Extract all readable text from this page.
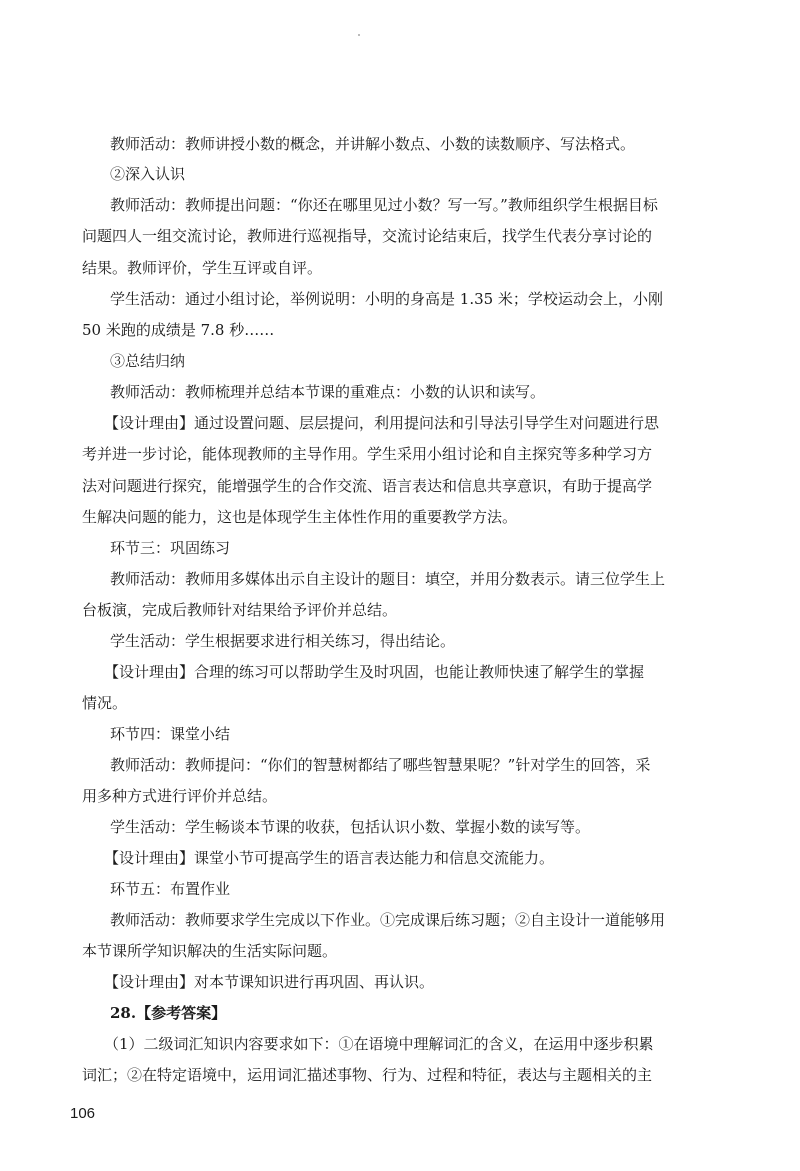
教师活动：教师讲授小数的概念，并讲解小数点、小数的读数顺序、写法格式。
②深入认识
教师活动：教师提出问题：“你还在哪里见过小数？写一写。”教师组织学生根据目标
问题四人一组交流讨论，教师进行巡视指导，交流讨论结束后，找学生代表分享讨论的
结果。教师评价，学生互评或自评。
学生活动：通过小组讨论，举例说明：小明的身高是 1.35 米；学校运动会上，小刚
50 米跑的成绩是 7.8 秒……
③总结归纳
教师活动：教师梳理并总结本节课的重难点：小数的认识和读写。
【设计理由】通过设置问题、层层提问，利用提问法和引导法引导学生对问题进行思
考并进一步讨论，能体现教师的主导作用。学生采用小组讨论和自主探究等多种学习方
法对问题进行探究，能增强学生的合作交流、语言表达和信息共享意识，有助于提高学
生解决问题的能力，这也是体现学生主体性作用的重要教学方法。
环节三：巩固练习
教师活动：教师用多媒体出示自主设计的题目：填空，并用分数表示。请三位学生上
台板演，完成后教师针对结果给予评价并总结。
学生活动：学生根据要求进行相关练习，得出结论。
【设计理由】合理的练习可以帮助学生及时巩固，也能让教师快速了解学生的掌握
情况。
环节四：课堂小结
教师活动：教师提问：“你们的智慧树都结了哪些智慧果呢？”针对学生的回答，采
用多种方式进行评价并总结。
学生活动：学生畅谈本节课的收获，包括认识小数、掌握小数的读写等。
【设计理由】课堂小节可提高学生的语言表达能力和信息交流能力。
环节五：布置作业
教师活动：教师要求学生完成以下作业。①完成课后练习题；②自主设计一道能够用
本节课所学知识解决的生活实际问题。
【设计理由】对本节课知识进行再巩固、再认识。
28.【参考答案】
（1）二级词汇知识内容要求如下：①在语境中理解词汇的含义，在运用中逐步积累
词汇；②在特定语境中，运用词汇描述事物、行为、过程和特征，表达与主题相关的主
106
